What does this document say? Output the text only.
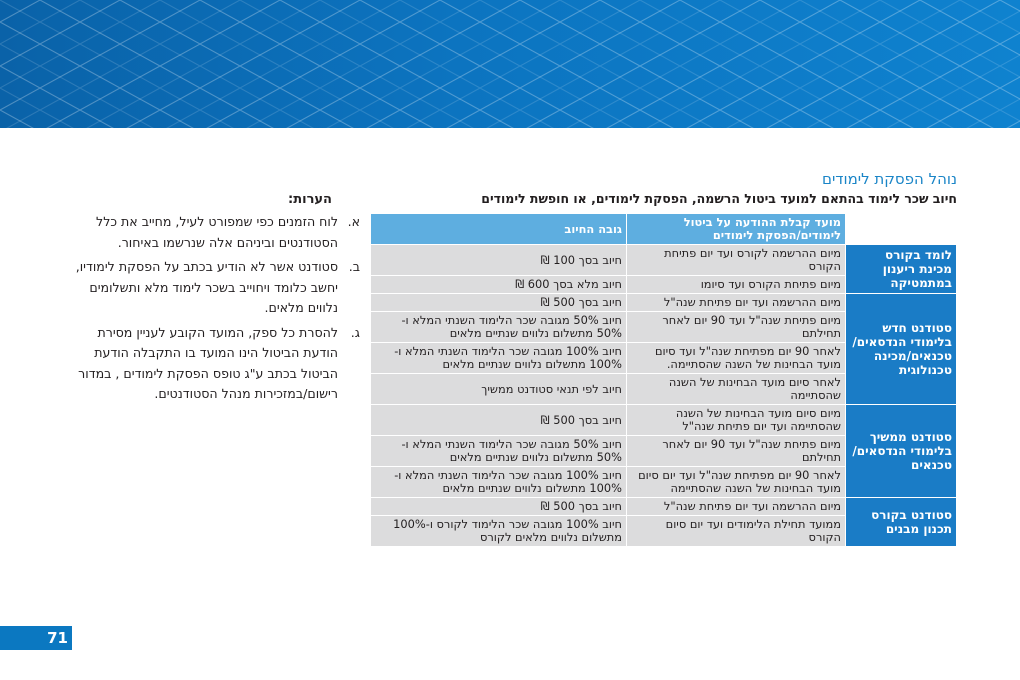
נוהל הפסקת לימודים
חיוב שכר לימוד בהתאם למועד ביטול הרשמה, הפסקת לימודים, או חופשת לימודים
	מועד קבלת ההודעה על ביטול לימודים/הפסקת לימודים	גובה החיוב
לומד בקורס מכינת ריענון במתמטיקה	מיום ההרשמה לקורס ועד יום פתיחת הקורס	חיוב בסך 100 ₪
	מיום פתיחת הקורס ועד סיומו	חיוב מלא בסך 600 ₪
סטודנט חדש בלימודי הנדסאים/ טכנאים/מכינה טכנולוגית	מיום ההרשמה ועד יום פתיחת שנה"ל	חיוב בסך 500 ₪
	מיום פתיחת שנה"ל ועד 90 יום לאחר תחילתם	חיוב 50% מגובה שכר הלימוד השנתי המלא ו- 50% מתשלום נלווים שנתיים מלאים
	לאחר 90 יום מפתיחת שנה"ל ועד סיום מועד הבחינות של השנה שהסתיימה.	חיוב 100% מגובה שכר הלימוד השנתי המלא ו- 100% מתשלום נלווים שנתיים מלאים
	לאחר סיום מועד הבחינות של השנה שהסתיימה	חיוב לפי תנאי סטודנט ממשיך
סטודנט ממשיך בלימודי הנדסאים/ טכנאים	מיום סיום מועד הבחינות של השנה שהסתיימה ועד יום פתיחת שנה"ל	חיוב בסך 500 ₪
	מיום פתיחת שנה"ל ועד 90 יום לאחר תחילתם	חיוב 50% מגובה שכר הלימוד השנתי המלא ו- 50% מתשלום נלווים שנתיים מלאים
	לאחר 90 יום מפתיחת שנה"ל ועד יום סיום מועד הבחינות של השנה שהסתיימה	חיוב 100% מגובה שכר הלימוד השנתי המלא ו- 100% מתשלום נלווים שנתיים מלאים
סטודנט בקורס תכנון מבנים	מיום ההרשמה ועד יום פתיחת שנה"ל	חיוב בסך 500 ₪
	ממועד תחילת הלימודים ועד יום סיום הקורס	חיוב 100% מגובה שכר הלימוד לקורס ו-100% מתשלום נלווים מלאים לקורס
הערות:
א.
לוח הזמנים כפי שמפורט לעיל, מחייב את כלל הסטודנטים וביניהם אלה שנרשמו באיחור.
ב.
סטודנט אשר לא הודיע בכתב על הפסקת לימודיו, יחשב כלומד ויחוייב בשכר לימוד מלא ותשלומים נלווים מלאים.
ג.
להסרת כל ספק, המועד הקובע לעניין מסירת הודעת הביטול הינו המועד בו התקבלה הודעת הביטול בכתב ע"ג טופס הפסקת לימודים , במדור רישום/במזכירות מנהל הסטודנטים.
71
